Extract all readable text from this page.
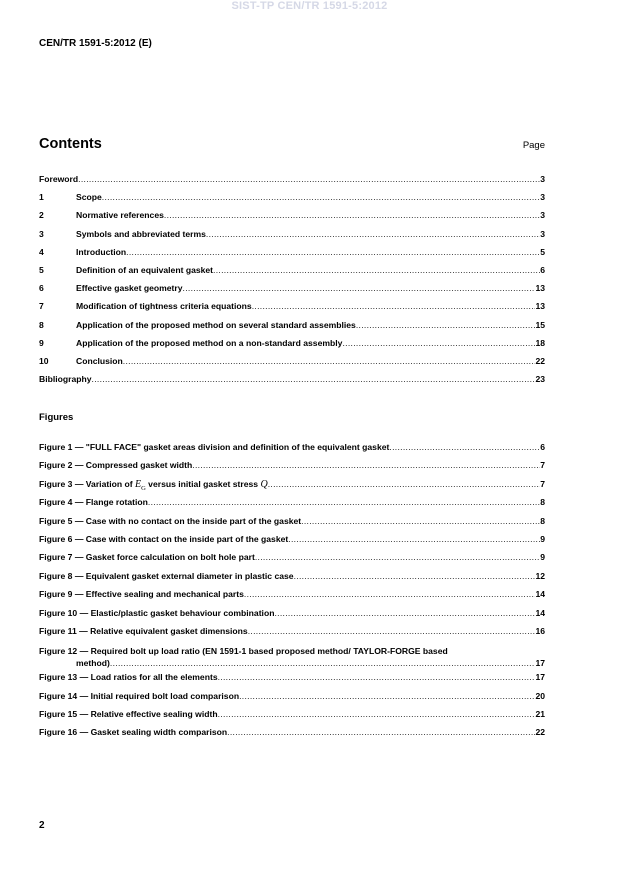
SIST-TP CEN/TR 1591-5:2012
CEN/TR 1591-5:2012 (E)
Contents	Page
Foreword .....	3
1	Scope .....	3
2	Normative references .....	3
3	Symbols and abbreviated terms .....	3
4	Introduction .....	5
5	Definition of an equivalent gasket .....	6
6	Effective gasket geometry .....	13
7	Modification of tightness criteria equations .....	13
8	Application of the proposed method on several standard assemblies .....	15
9	Application of the proposed method on a non-standard assembly .....	18
10	Conclusion .....	22
Bibliography .....	23
Figures
Figure 1 — "FULL FACE" gasket areas division and definition of the equivalent gasket .....	6
Figure 2 — Compressed gasket width .....	7
Figure 3 — Variation of $E_G$ versus initial gasket stress Q .....	7
Figure 4 — Flange rotation .....	8
Figure 5 — Case with no contact on the inside part of the gasket .....	8
Figure 6 — Case with contact on the inside part of the gasket .....	9
Figure 7 — Gasket force calculation on bolt hole part .....	9
Figure 8 — Equivalent gasket external diameter in plastic case .....	12
Figure 9 — Effective sealing and mechanical parts .....	14
Figure 10 — Elastic/plastic gasket behaviour combination .....	14
Figure 11 — Relative equivalent gasket dimensions .....	16
Figure 12 — Required bolt up load ratio (EN 1591-1 based proposed method/ TAYLOR-FORGE based
method) .....	17
Figure 13 — Load ratios for all the elements .....	17
Figure 14 — Initial required bolt load comparison .....	20
Figure 15 — Relative effective sealing width .....	21
Figure 16 — Gasket sealing width comparison .....	22
2
